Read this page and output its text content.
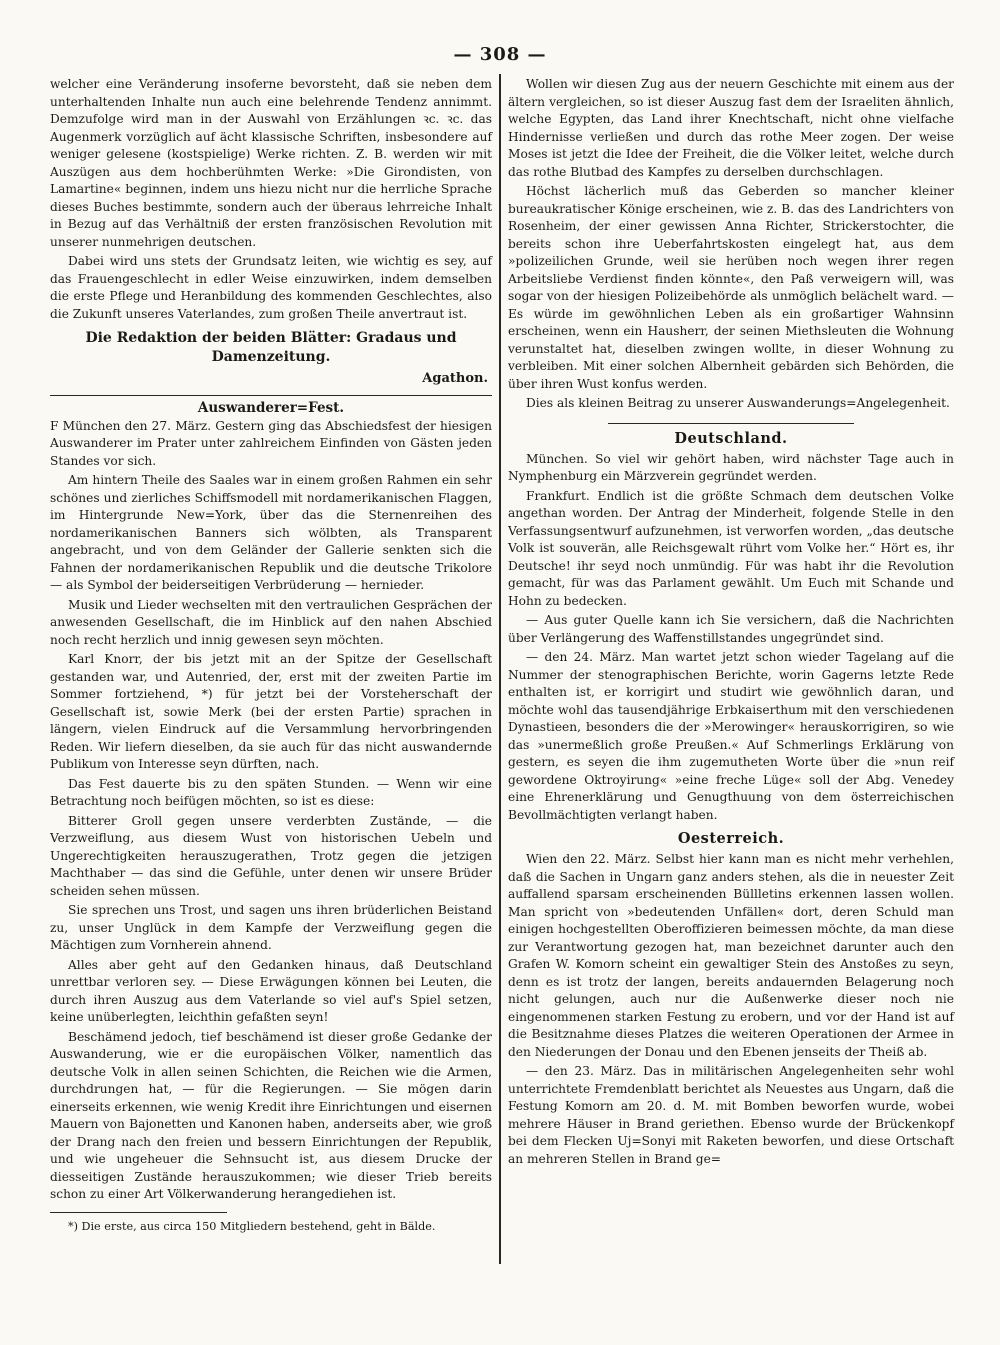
— 308 —

welcher eine Veränderung insoferne bevorsteht, daß sie neben dem unterhaltenden Inhalte nun auch eine belehrende Tendenz annimmt. Demzufolge wird man in der Auswahl von Erzählungen ꝛc. ꝛc. das Augenmerk vorzüglich auf ächt klassische Schriften, insbesondere auf weniger gelesene (kostspielige) Werke richten. Z. B. werden wir mit Auszügen aus dem hochberühmten Werke: »Die Girondisten, von Lamartine« beginnen, indem uns hiezu nicht nur die herrliche Sprache dieses Buches bestimmte, sondern auch der überaus lehrreiche Inhalt in Bezug auf das Verhältniß der ersten französischen Revolution mit unserer nunmehrigen deutschen.

Dabei wird uns stets der Grundsatz leiten, wie wichtig es sey, auf das Frauengeschlecht in edler Weise einzuwirken, indem demselben die erste Pflege und Heranbildung des kommenden Geschlechtes, also die Zukunft unseres Vaterlandes, zum großen Theile anvertraut ist.

Die Redaktion der beiden Blätter: Gradaus und Damenzeitung.

Agathon.

Auswanderer=Fest.

F München den 27. März. Gestern ging das Abschiedsfest der hiesigen Auswanderer im Prater unter zahlreichem Einfinden von Gästen jeden Standes vor sich.

Am hintern Theile des Saales war in einem großen Rahmen ein sehr schönes und zierliches Schiffsmodell mit nordamerikanischen Flaggen, im Hintergrunde New=York, über das die Sternenreihen des nordamerikanischen Banners sich wölbten, als Transparent angebracht, und von dem Geländer der Gallerie senkten sich die Fahnen der nordamerikanischen Republik und die deutsche Trikolore — als Symbol der beiderseitigen Verbrüderung — hernieder.

Musik und Lieder wechselten mit den vertraulichen Gesprächen der anwesenden Gesellschaft, die im Hinblick auf den nahen Abschied noch recht herzlich und innig gewesen seyn möchten.

Karl Knorr, der bis jetzt mit an der Spitze der Gesellschaft gestanden war, und Autenried, der, erst mit der zweiten Partie im Sommer fortziehend, *) für jetzt bei der Vorsteherschaft der Gesellschaft ist, sowie Merk (bei der ersten Partie) sprachen in längern, vielen Eindruck auf die Versammlung hervorbringenden Reden. Wir liefern dieselben, da sie auch für das nicht auswandernde Publikum von Interesse seyn dürften, nach.

Das Fest dauerte bis zu den späten Stunden. — Wenn wir eine Betrachtung noch beifügen möchten, so ist es diese:

Bitterer Groll gegen unsere verderbten Zustände, — die Verzweiflung, aus diesem Wust von historischen Uebeln und Ungerechtigkeiten herauszugerathen, Trotz gegen die jetzigen Machthaber — das sind die Gefühle, unter denen wir unsere Brüder scheiden sehen müssen.

Sie sprechen uns Trost, und sagen uns ihren brüderlichen Beistand zu, unser Unglück in dem Kampfe der Verzweiflung gegen die Mächtigen zum Vornherein ahnend.

Alles aber geht auf den Gedanken hinaus, daß Deutschland unrettbar verloren sey. — Diese Erwägungen können bei Leuten, die durch ihren Auszug aus dem Vaterlande so viel auf's Spiel setzen, keine unüberlegten, leichthin gefaßten seyn!

Beschämend jedoch, tief beschämend ist dieser große Gedanke der Auswanderung, wie er die europäischen Völker, namentlich das deutsche Volk in allen seinen Schichten, die Reichen wie die Armen, durchdrungen hat, — für die Regierungen. — Sie mögen darin einerseits erkennen, wie wenig Kredit ihre Einrichtungen und eisernen Mauern von Bajonetten und Kanonen haben, anderseits aber, wie groß der Drang nach den freien und bessern Einrichtungen der Republik, und wie ungeheuer die Sehnsucht ist, aus diesem Drucke der diesseitigen Zustände herauszukommen; wie dieser Trieb bereits schon zu einer Art Völkerwanderung herangediehen ist.

*) Die erste, aus circa 150 Mitgliedern bestehend, geht in Bälde.

Wollen wir diesen Zug aus der neuern Geschichte mit einem aus der ältern vergleichen, so ist dieser Auszug fast dem der Israeliten ähnlich, welche Egypten, das Land ihrer Knechtschaft, nicht ohne vielfache Hindernisse verließen und durch das rothe Meer zogen. Der weise Moses ist jetzt die Idee der Freiheit, die die Völker leitet, welche durch das rothe Blutbad des Kampfes zu derselben durchschlagen.

Höchst lächerlich muß das Geberden so mancher kleiner bureaukratischer Könige erscheinen, wie z. B. das des Landrichters von Rosenheim, der einer gewissen Anna Richter, Strickerstochter, die bereits schon ihre Ueberfahrtskosten eingelegt hat, aus dem »polizeilichen Grunde, weil sie herüben noch wegen ihrer regen Arbeitsliebe Verdienst finden könnte«, den Paß verweigern will, was sogar von der hiesigen Polizeibehörde als unmöglich belächelt ward. — Es würde im gewöhnlichen Leben als ein großartiger Wahnsinn erscheinen, wenn ein Hausherr, der seinen Miethsleuten die Wohnung verunstaltet hat, dieselben zwingen wollte, in dieser Wohnung zu verbleiben. Mit einer solchen Albernheit gebärden sich Behörden, die über ihren Wust konfus werden.

Dies als kleinen Beitrag zu unserer Auswanderungs=Angelegenheit.

Deutschland.

München. So viel wir gehört haben, wird nächster Tage auch in Nymphenburg ein Märzverein gegründet werden.

Frankfurt. Endlich ist die größte Schmach dem deutschen Volke angethan worden. Der Antrag der Minderheit, folgende Stelle in den Verfassungsentwurf aufzunehmen, ist verworfen worden, „das deutsche Volk ist souverän, alle Reichsgewalt rührt vom Volke her.“ Hört es, ihr Deutsche! ihr seyd noch unmündig. Für was habt ihr die Revolution gemacht, für was das Parlament gewählt. Um Euch mit Schande und Hohn zu bedecken.

— Aus guter Quelle kann ich Sie versichern, daß die Nachrichten über Verlängerung des Waffenstillstandes ungegründet sind.

— den 24. März. Man wartet jetzt schon wieder Tagelang auf die Nummer der stenographischen Berichte, worin Gagerns letzte Rede enthalten ist, er korrigirt und studirt wie gewöhnlich daran, und möchte wohl das tausendjährige Erbkaiserthum mit den verschiedenen Dynastieen, besonders die der »Merowinger« herauskorrigiren, so wie das »unermeßlich große Preußen.« Auf Schmerlings Erklärung von gestern, es seyen die ihm zugemutheten Worte über die »nun reif gewordene Oktroyirung« »eine freche Lüge« soll der Abg. Venedey eine Ehrenerklärung und Genugthuung von dem österreichischen Bevollmächtigten verlangt haben.

Oesterreich.

Wien den 22. März. Selbst hier kann man es nicht mehr verhehlen, daß die Sachen in Ungarn ganz anders stehen, als die in neuester Zeit auffallend sparsam erscheinenden Büllletins erkennen lassen wollen. Man spricht von »bedeutenden Unfällen« dort, deren Schuld man einigen hochgestellten Oberoffizieren beimessen möchte, da man diese zur Verantwortung gezogen hat, man bezeichnet darunter auch den Grafen W. Komorn scheint ein gewaltiger Stein des Anstoßes zu seyn, denn es ist trotz der langen, bereits andauernden Belagerung noch nicht gelungen, auch nur die Außenwerke dieser noch nie eingenommenen starken Festung zu erobern, und vor der Hand ist auf die Besitznahme dieses Platzes die weiteren Operationen der Armee in den Niederungen der Donau und den Ebenen jenseits der Theiß ab.

— den 23. März. Das in militärischen Angelegenheiten sehr wohl unterrichtete Fremdenblatt berichtet als Neuestes aus Ungarn, daß die Festung Komorn am 20. d. M. mit Bomben beworfen wurde, wobei mehrere Häuser in Brand geriethen. Ebenso wurde der Brückenkopf bei dem Flecken Uj=Sonyi mit Raketen beworfen, und diese Ortschaft an mehreren Stellen in Brand ge=
